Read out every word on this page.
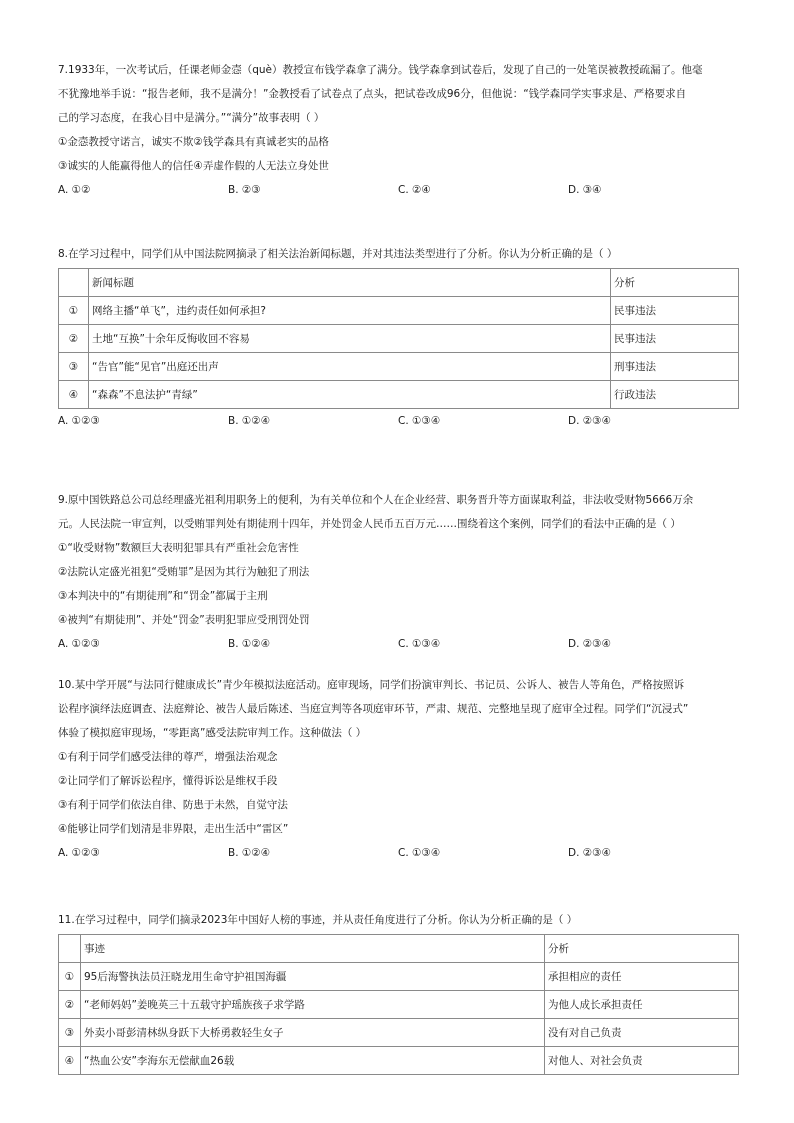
7.1933年，一次考试后，任课老师金悫（què）教授宣布钱学森拿了满分。钱学森拿到试卷后，发现了自己的一处笔误被教授疏漏了。他毫
不犹豫地举手说：“报告老师，我不是满分！”金教授看了试卷点了点头，把试卷改成96分，但他说：“钱学森同学实事求是、严格要求自
己的学习态度，在我心目中是满分。”“满分”故事表明（ ）
①金悫教授守诺言，诚实不欺②钱学森具有真诚老实的品格
③诚实的人能赢得他人的信任④弄虚作假的人无法立身处世
A. ①②	B. ②③	C. ②④	D. ③④
8.在学习过程中，同学们从中国法院网摘录了相关法治新闻标题，并对其违法类型进行了分析。你认为分析正确的是（ ）
	新闻标题	分析
①	网络主播“单飞”，违约责任如何承担?	民事违法
②	土地“互换”十余年反悔收回不容易	民事违法
③	“告官”能“见官”出庭还出声	刑事违法
④	“森森”不息法护“青绿”	行政违法
A. ①②③	B. ①②④	C. ①③④	D. ②③④
9.原中国铁路总公司总经理盛光祖利用职务上的便利，为有关单位和个人在企业经营、职务晋升等方面谋取利益，非法收受财物5666万余
元。人民法院一审宣判，以受贿罪判处有期徒刑十四年，并处罚金人民币五百万元……围绕着这个案例，同学们的看法中正确的是（ ）
①“收受财物”数额巨大表明犯罪具有严重社会危害性
②法院认定盛光祖犯“受贿罪”是因为其行为触犯了刑法
③本判决中的“有期徒刑”和“罚金”都属于主刑
④被判“有期徒刑”、并处“罚金”表明犯罪应受刑罚处罚
A. ①②③	B. ①②④	C. ①③④	D. ②③④
10.某中学开展“与法同行健康成长”青少年模拟法庭活动。庭审现场，同学们扮演审判长、书记员、公诉人、被告人等角色，严格按照诉
讼程序演绎法庭调查、法庭辩论、被告人最后陈述、当庭宣判等各项庭审环节，严肃、规范、完整地呈现了庭审全过程。同学们“沉浸式”
体验了模拟庭审现场，“零距离”感受法院审判工作。这种做法（ ）
①有利于同学们感受法律的尊严，增强法治观念
②让同学们了解诉讼程序，懂得诉讼是维权手段
③有利于同学们依法自律、防患于未然，自觉守法
④能够让同学们划清是非界限，走出生活中“雷区”
A. ①②③	B. ①②④	C. ①③④	D. ②③④
11.在学习过程中，同学们摘录2023年中国好人榜的事迹，并从责任角度进行了分析。你认为分析正确的是（ ）
	事迹	分析
①	95后海警执法员汪晓龙用生命守护祖国海疆	承担相应的责任
②	“老师妈妈”姜晚英三十五载守护瑶族孩子求学路	为他人成长承担责任
③	外卖小哥彭清林纵身跃下大桥勇救轻生女子	没有对自己负责
④	“热血公安”李海东无偿献血26载	对他人、对社会负责
